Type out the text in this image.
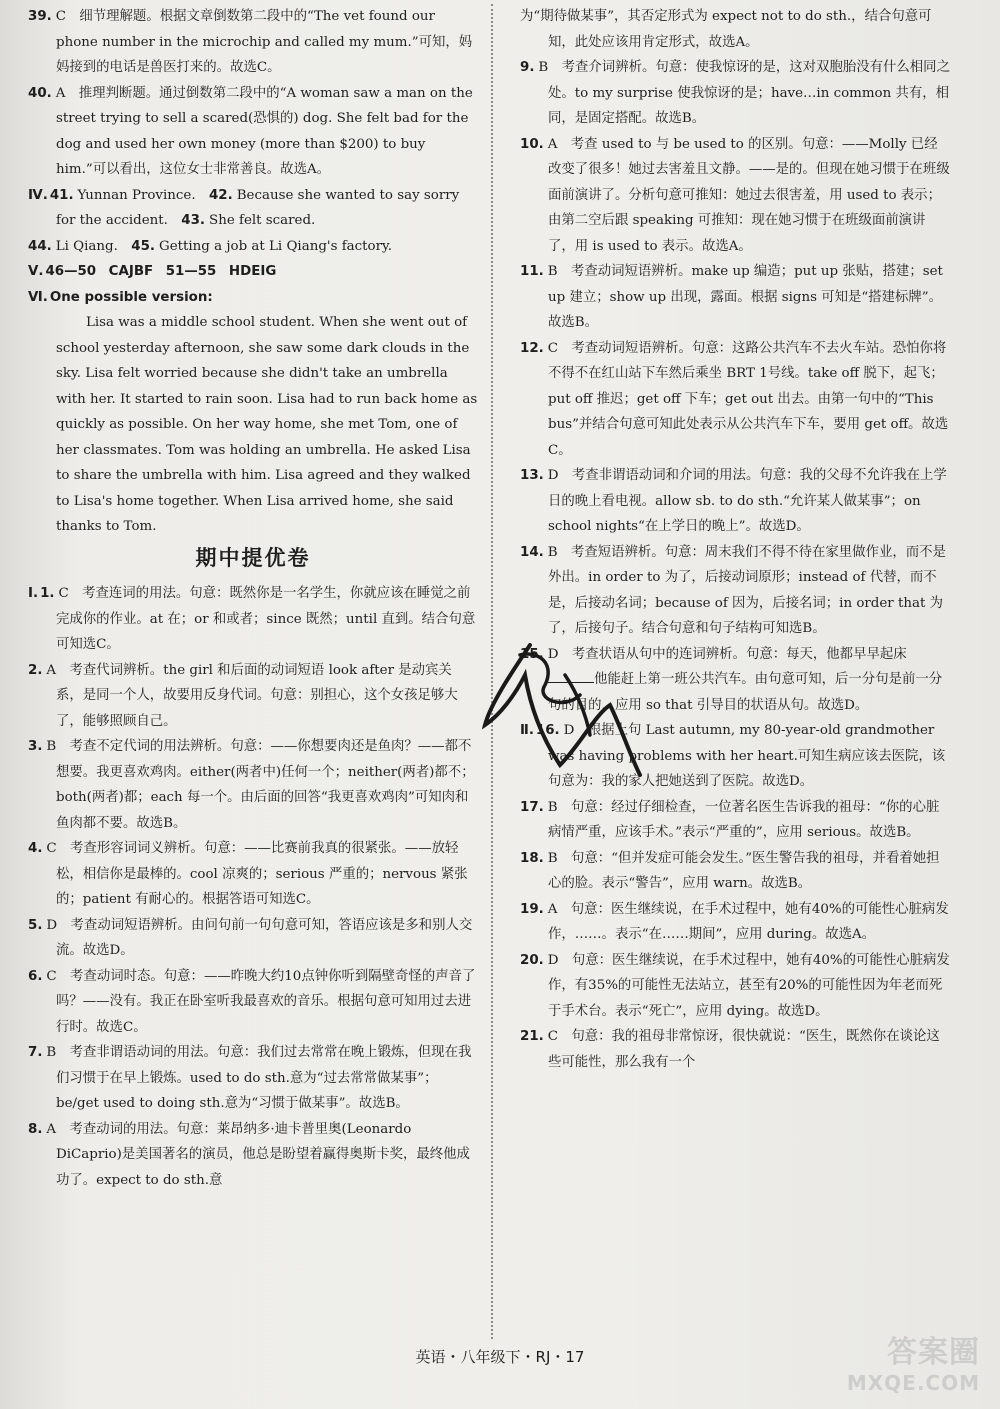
39. C　细节理解题。根据文章倒数第二段中的“The vet found our phone number in the microchip and called my mum.”可知，妈妈接到的电话是兽医打来的。故选C。

40. A　推理判断题。通过倒数第二段中的“A woman saw a man on the street trying to sell a scared(恐惧的) dog. She felt bad for the dog and used her own money (more than $200) to buy him.”可以看出，这位女士非常善良。故选A。

Ⅳ. 41. Yunnan Province.　 42. Because she wanted to say sorry for the accident.　 43. She felt scared.

44. Li Qiang.　 45. Getting a job at Li Qiang's factory.

Ⅴ. 46—50 CAJBF 51—55 HDEIG

Ⅵ. One possible version:

Lisa was a middle school student. When she went out of school yesterday afternoon, she saw some dark clouds in the sky. Lisa felt worried because she didn't take an umbrella with her. It started to rain soon. Lisa had to run back home as quickly as possible. On her way home, she met Tom, one of her classmates. Tom was holding an umbrella. He asked Lisa to share the umbrella with him. Lisa agreed and they walked to Lisa's home together. When Lisa arrived home, she said thanks to Tom.

期中提优卷

Ⅰ. 1. C　考查连词的用法。句意：既然你是一名学生，你就应该在睡觉之前完成你的作业。at 在；or 和或者；since 既然；until 直到。结合句意可知选C。

2. A　考查代词辨析。the girl 和后面的动词短语 look after 是动宾关系，是同一个人，故要用反身代词。句意：别担心，这个女孩足够大了，能够照顾自己。

3. B　考查不定代词的用法辨析。句意：——你想要肉还是鱼肉？——都不想要。我更喜欢鸡肉。either(两者中)任何一个；neither(两者)都不；both(两者)都；each 每一个。由后面的回答“我更喜欢鸡肉”可知肉和鱼肉都不要。故选B。

4. C　考查形容词词义辨析。句意：——比赛前我真的很紧张。——放轻松，相信你是最棒的。cool 凉爽的；serious 严重的；nervous 紧张的；patient 有耐心的。根据答语可知选C。

5. D　考查动词短语辨析。由问句前一句句意可知，答语应该是多和别人交流。故选D。

6. C　考查动词时态。句意：——昨晚大约10点钟你听到隔壁奇怪的声音了吗？——没有。我正在卧室听我最喜欢的音乐。根据句意可知用过去进行时。故选C。

7. B　考查非谓语动词的用法。句意：我们过去常常在晚上锻炼，但现在我们习惯于在早上锻炼。used to do sth.意为“过去常常做某事”；be/get used to doing sth.意为“习惯于做某事”。故选B。

8. A　考查动词的用法。句意：莱昂纳多·迪卡普里奥(Leonardo DiCaprio)是美国著名的演员，他总是盼望着赢得奥斯卡奖，最终他成功了。expect to do sth.意

为“期待做某事”，其否定形式为 expect not to do sth.，结合句意可知，此处应该用肯定形式，故选A。

9. B　考查介词辨析。句意：使我惊讶的是，这对双胞胎没有什么相同之处。to my surprise 使我惊讶的是；have…in common 共有，相同，是固定搭配。故选B。

10. A　考查 used to 与 be used to 的区别。句意：——Molly 已经改变了很多！她过去害羞且文静。——是的。但现在她习惯于在班级面前演讲了。分析句意可推知：她过去很害羞，用 used to 表示；由第二空后跟 speaking 可推知：现在她习惯于在班级面前演讲了，用 is used to 表示。故选A。

11. B　考查动词短语辨析。make up 编造；put up 张贴，搭建；set up 建立；show up 出现，露面。根据 signs 可知是“搭建标牌”。故选B。

12. C　考查动词短语辨析。句意：这路公共汽车不去火车站。恐怕你将不得不在红山站下车然后乘坐 BRT 1号线。take off 脱下，起飞；put off 推迟；get off 下车；get out 出去。由第一句中的“This bus”并结合句意可知此处表示从公共汽车下车，要用 get off。故选C。

13. D　考查非谓语动词和介词的用法。句意：我的父母不允许我在上学日的晚上看电视。allow sb. to do sth.“允许某人做某事”；on school nights“在上学日的晚上”。故选D。

14. B　考查短语辨析。句意：周末我们不得不待在家里做作业，而不是外出。in order to 为了，后接动词原形；instead of 代替，而不是，后接动名词；because of 因为，后接名词；in order that 为了，后接句子。结合句意和句子结构可知选B。

15. D　考查状语从句中的连词辨析。句意：每天，他都早早起床他能赶上第一班公共汽车。由句意可知，后一分句是前一分句的目的，应用 so that 引导目的状语从句。故选D。

Ⅱ. 16. D　根据上句 Last autumn, my 80-year-old grandmother was having problems with her heart.可知生病应该去医院，该句意为：我的家人把她送到了医院。故选D。

17. B　句意：经过仔细检查，一位著名医生告诉我的祖母：“你的心脏病情严重，应该手术。”表示“严重的”，应用 serious。故选B。

18. B　句意：“但并发症可能会发生。”医生警告我的祖母，并看着她担心的脸。表示“警告”，应用 warn。故选B。

19. A　句意：医生继续说，在手术过程中，她有40%的可能性心脏病发作，……。表示“在……期间”，应用 during。故选A。

20. D　句意：医生继续说，在手术过程中，她有40%的可能性心脏病发作，有35%的可能性无法站立，甚至有20%的可能性因为年老而死于手术台。表示“死亡”，应用 dying。故选D。

21. C　句意：我的祖母非常惊讶，很快就说：“医生，既然你在谈论这些可能性，那么我有一个

英语・八年级下・RJ・17	答案圈
MXQE.COM
